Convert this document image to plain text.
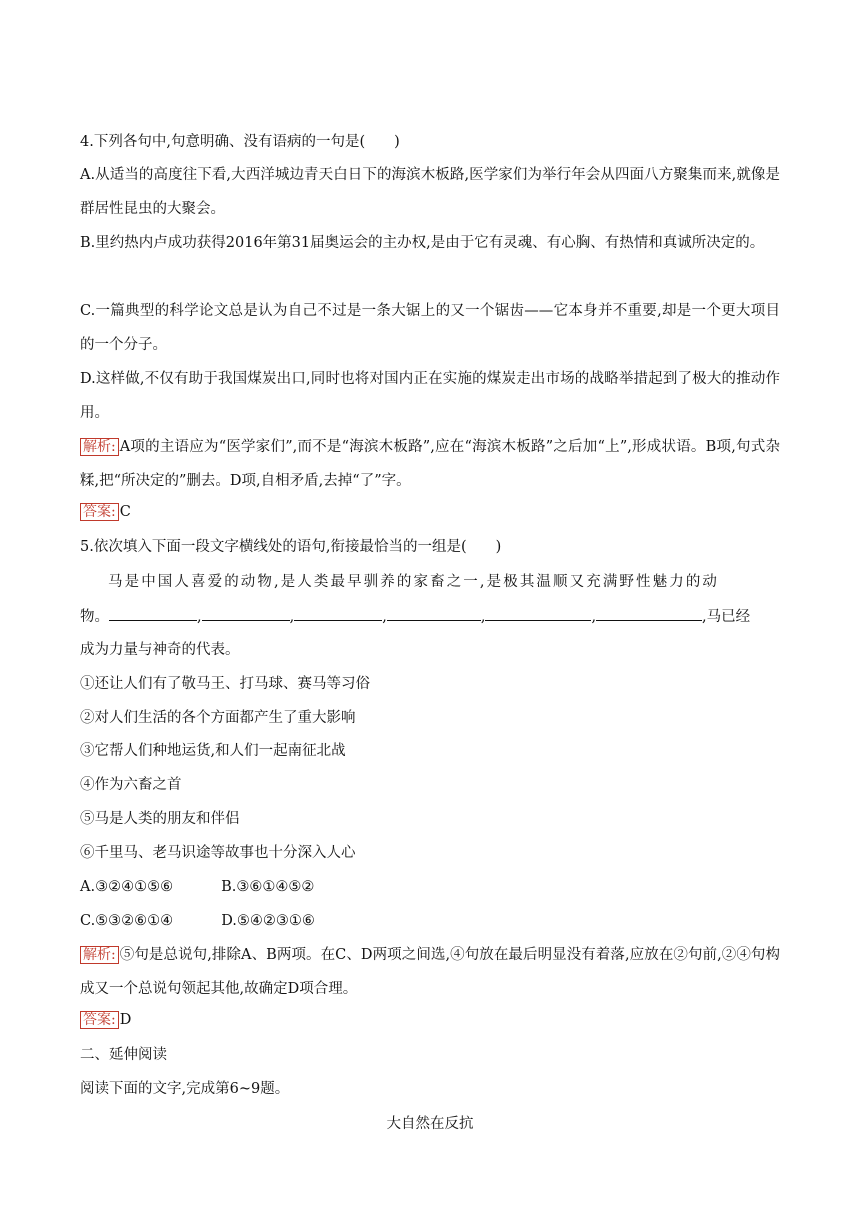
4.下列各句中,句意明确、没有语病的一句是(　　)
A.从适当的高度往下看,大西洋城边青天白日下的海滨木板路,医学家们为举行年会从四面八方聚集而来,就像是群居性昆虫的大聚会。
B.里约热内卢成功获得2016年第31届奥运会的主办权,是由于它有灵魂、有心胸、有热情和真诚所决定的。
C.一篇典型的科学论文总是认为自己不过是一条大锯上的又一个锯齿——它本身并不重要,却是一个更大项目的一个分子。
D.这样做,不仅有助于我国煤炭出口,同时也将对国内正在实施的煤炭走出市场的战略举措起到了极大的推动作用。
解析: A项的主语应为“医学家们”,而不是“海滨木板路”,应在“海滨木板路”之后加“上”,形成状语。B项,句式杂糅,把“所决定的”删去。D项,自相矛盾,去掉“了”字。
答案: C
5.依次填入下面一段文字横线处的语句,衔接最恰当的一组是(　　)
马是中国人喜爱的动物,是人类最早驯养的家畜之一,是极其温顺又充满野性魅力的动
物。	,	,	,	,	,	,马已经
成为力量与神奇的代表。
①还让人们有了敬马王、打马球、赛马等习俗
②对人们生活的各个方面都产生了重大影响
③它帮人们种地运货,和人们一起南征北战
④作为六畜之首
⑤马是人类的朋友和伴侣
⑥千里马、老马识途等故事也十分深入人心
A.③②④①⑤⑥	B.③⑥①④⑤②
C.⑤③②⑥①④	D.⑤④②③①⑥
解析: ⑤句是总说句,排除A、B两项。在C、D两项之间选,④句放在最后明显没有着落,应放在②句前,②④句构成又一个总说句领起其他,故确定D项合理。
答案: D
二、延伸阅读
阅读下面的文字,完成第6~9题。
大自然在反抗
